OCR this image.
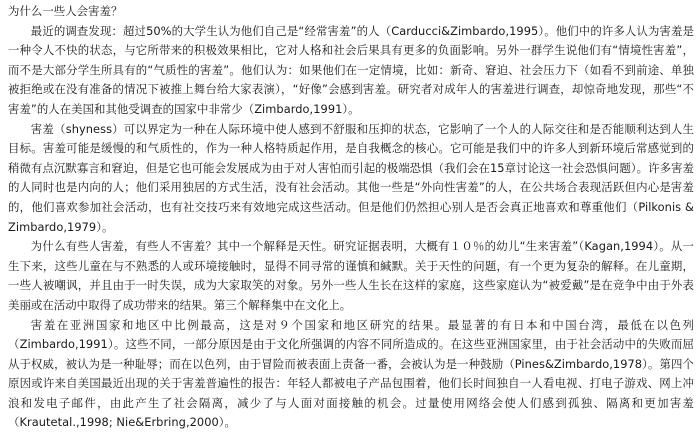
为什么一些人会害羞？

最近的调查发现：超过50%的大学生认为他们自己是“经常害羞”的人（Carducci&Zimbardo,1995）。他们中的许多人认为害羞是一种令人不快的状态，与它所带来的积极效果相比，它对人格和社会后果具有更多的负面影响。另外一群学生说他们有“情境性害羞”，而不是大部分学生所具有的“气质性的害羞”。他们认为：如果他们在一定情境，比如：新奇、窘迫、社会压力下（如看不到前途、单独被拒绝或在没有准备的情况下被推上舞台给大家表演），“好像”会感到害羞。研究者对成年人的害羞进行调查，却惊奇地发现，那些“不害羞”的人在美国和其他受调查的国家中非常少（Zimbardo,1991）。

害羞（shyness）可以界定为一种在人际环境中使人感到不舒服和压抑的状态，它影响了一个人的人际交往和是否能顺利达到人生目标。害羞可能是缓慢的和气质性的，作为一种人格特质起作用，是自我概念的核心。它可能是我们中的许多人到新环境后常感觉到的稍微有点沉默寡言和窘迫，但是它也可能会发展成为由于对人害怕而引起的极端恐惧（我们会在15章讨论这一社会恐惧问题）。许多害羞的人同时也是内向的人；他们采用独居的方式生活，没有社会活动。其他一些是“外向性害羞”的人，在公共场合表现活跃但内心是害羞的，他们喜欢参加社会活动，也有社交技巧来有效地完成这些活动。但是他们仍然担心别人是否会真正地喜欢和尊重他们（Pilkonis & Zimbardo,1979）。

为什么有些人害羞，有些人不害羞？其中一个解释是天性。研究证据表明，大概有１０％的幼儿“生来害羞”（Kagan,1994）。从一生下来，这些儿童在与不熟悉的人或环境接触时，显得不同寻常的谨慎和緘默。关于天性的问题，有一个更为复杂的解释。在儿童期，一些人被嘲讽，并且由于一时失误，成为大家取笑的对象。另外一些人生长在这样的家庭，这些家庭认为“被爱戴”是在竞争中由于外表美丽或在活动中取得了成功带来的结果。第三个解释集中在文化上。

害羞在亚洲国家和地区中比例最高，这是对９个国家和地区研究的结果。最显著的有日本和中国台湾，最低在以色列（Zimbardo,1991）。这些不同，一部分原因是由于文化所强调的内容不同所造成的。在这些亚洲国家里，由于社会活动中的失败而屈从于权威，被认为是一种耻辱；而在以色列，由于冒险而被表面上责备一番，会被认为是一种鼓励（Pines&Zimbardo,1978）。第四个原因或许来自美国最近出现的关于害羞普遍性的报告：年轻人都被电子产品包围着，他们长时间独自一人看电视、打电子游戏、网上冲浪和发电子邮件，由此产生了社会隔离，减少了与人面对面接触的机会。过量使用网络会使人们感到孤独、隔离和更加害羞（Krautetal.,1998; Nie&Erbring,2000）。
